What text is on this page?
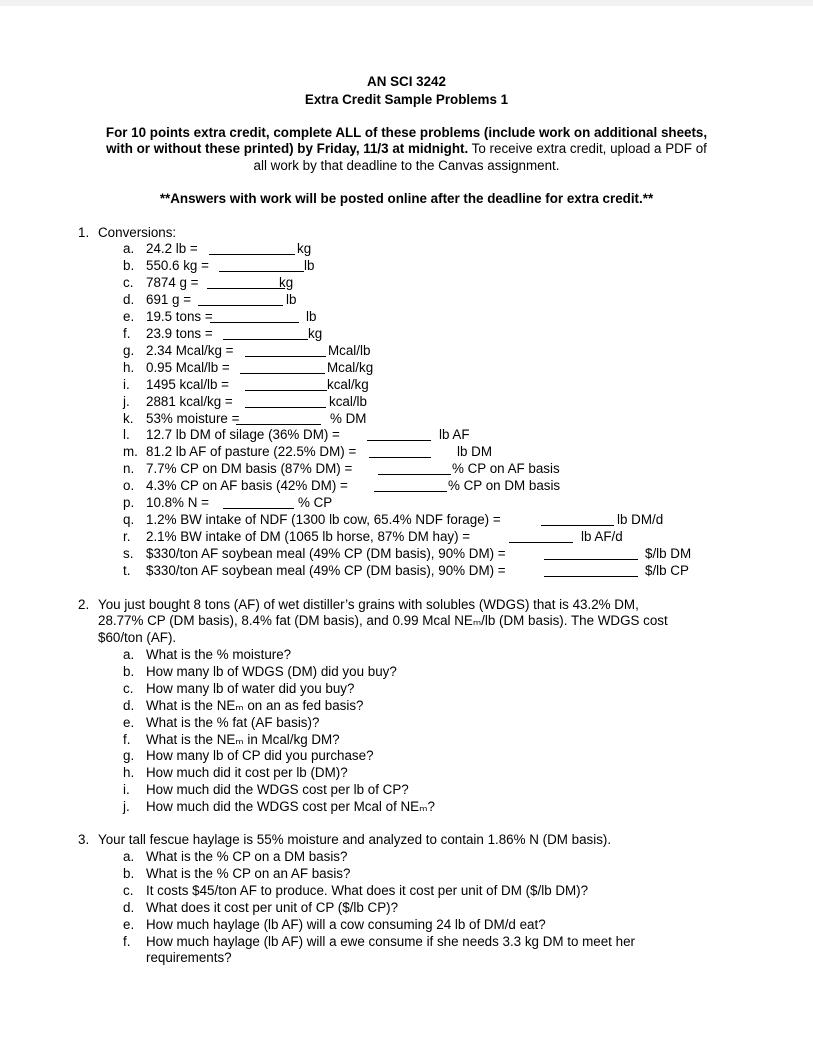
AN SCI 3242
Extra Credit Sample Problems 1
For 10 points extra credit, complete ALL of these problems (include work on additional sheets,
with or without these printed) by Friday, 11/3 at midnight. To receive extra credit, upload a PDF of
all work by that deadline to the Canvas assignment.
**Answers with work will be posted online after the deadline for extra credit.**
1. Conversions:
a. 24.2 lb =	kg
b. 550.6 kg =	lb
c. 7874 g =	kg
d. 691 g =	lb
e. 19.5 tons =	lb
f. 23.9 tons =	kg
g. 2.34 Mcal/kg =	Mcal/lb
h. 0.95 Mcal/lb =	Mcal/kg
i. 1495 kcal/lb =	kcal/kg
j. 2881 kcal/kg =	kcal/lb
k. 53% moisture =	% DM
l. 12.7 lb DM of silage (36% DM) =	lb AF
m. 81.2 lb AF of pasture (22.5% DM) =	lb DM
n. 7.7% CP on DM basis (87% DM) =	% CP on AF basis
o. 4.3% CP on AF basis (42% DM) =	% CP on DM basis
p. 10.8% N =	% CP
q. 1.2% BW intake of NDF (1300 lb cow, 65.4% NDF forage) =	lb DM/d
r. 2.1% BW intake of DM (1065 lb horse, 87% DM hay) =	lb AF/d
s. $330/ton AF soybean meal (49% CP (DM basis), 90% DM) =	$/lb DM
t. $330/ton AF soybean meal (49% CP (DM basis), 90% DM) =	$/lb CP
2. You just bought 8 tons (AF) of wet distiller’s grains with solubles (WDGS) that is 43.2% DM,
28.77% CP (DM basis), 8.4% fat (DM basis), and 0.99 Mcal NEₘ/lb (DM basis). The WDGS cost
$60/ton (AF).
a. What is the % moisture?
b. How many lb of WDGS (DM) did you buy?
c. How many lb of water did you buy?
d. What is the NEₘ on an as fed basis?
e. What is the % fat (AF basis)?
f. What is the NEₘ in Mcal/kg DM?
g. How many lb of CP did you purchase?
h. How much did it cost per lb (DM)?
i. How much did the WDGS cost per lb of CP?
j. How much did the WDGS cost per Mcal of NEₘ?
3. Your tall fescue haylage is 55% moisture and analyzed to contain 1.86% N (DM basis).
a. What is the % CP on a DM basis?
b. What is the % CP on an AF basis?
c. It costs $45/ton AF to produce. What does it cost per unit of DM ($/lb DM)?
d. What does it cost per unit of CP ($/lb CP)?
e. How much haylage (lb AF) will a cow consuming 24 lb of DM/d eat?
f. How much haylage (lb AF) will a ewe consume if she needs 3.3 kg DM to meet her
requirements?
